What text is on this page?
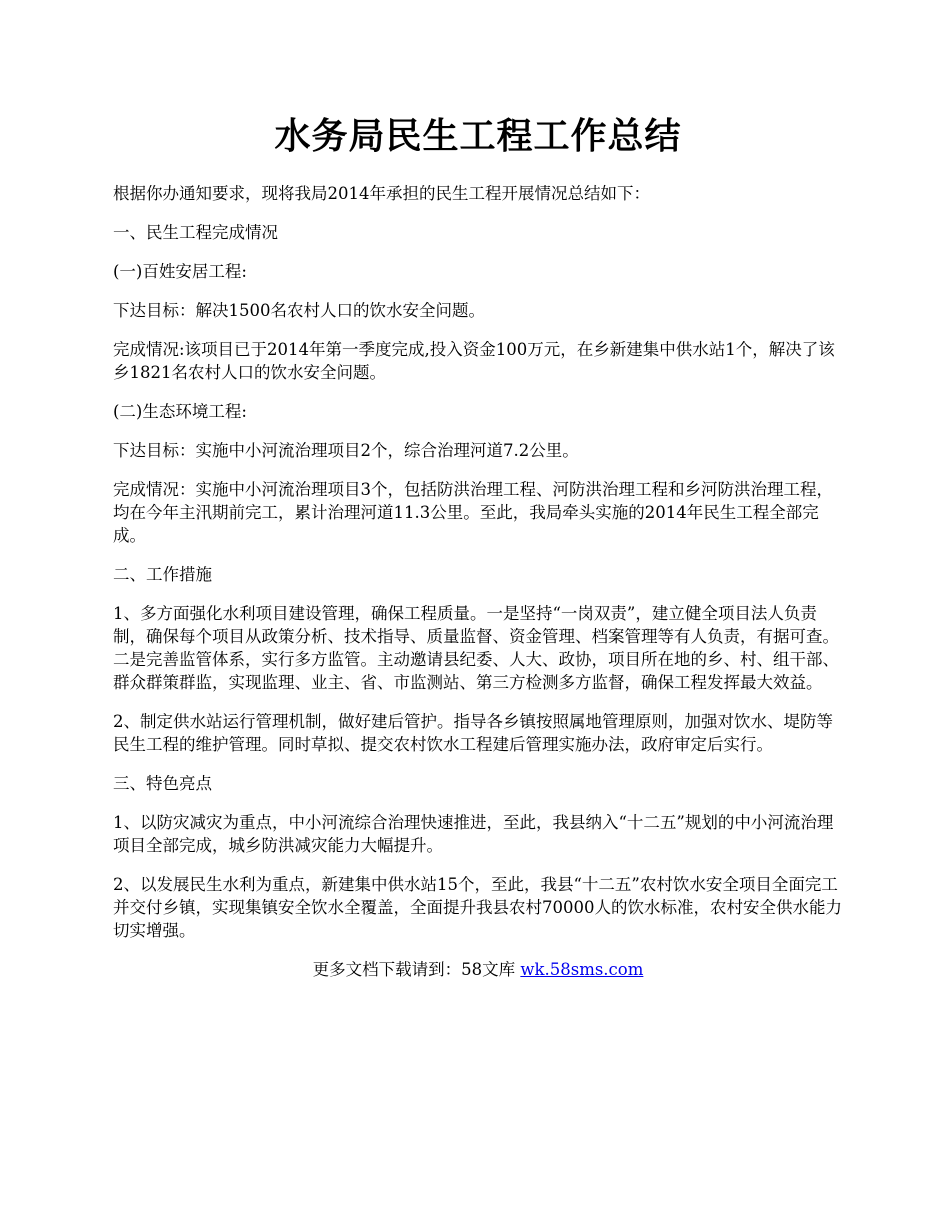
水务局民生工程工作总结

根据你办通知要求，现将我局2014年承担的民生工程开展情况总结如下：

一、民生工程完成情况

(一)百姓安居工程:

下达目标：解决1500名农村人口的饮水安全问题。

完成情况:该项目已于2014年第一季度完成,投入资金100万元，在乡新建集中供水站1个，解决了该乡1821名农村人口的饮水安全问题。

(二)生态环境工程:

下达目标：实施中小河流治理项目2个，综合治理河道7.2公里。

完成情况：实施中小河流治理项目3个，包括防洪治理工程、河防洪治理工程和乡河防洪治理工程，均在今年主汛期前完工，累计治理河道11.3公里。至此，我局牵头实施的2014年民生工程全部完成。

二、工作措施

1、多方面强化水利项目建设管理，确保工程质量。一是坚持“一岗双责”，建立健全项目法人负责制，确保每个项目从政策分析、技术指导、质量监督、资金管理、档案管理等有人负责，有据可查。二是完善监管体系，实行多方监管。主动邀请县纪委、人大、政协，项目所在地的乡、村、组干部、群众群策群监，实现监理、业主、省、市监测站、第三方检测多方监督，确保工程发挥最大效益。

2、制定供水站运行管理机制，做好建后管护。指导各乡镇按照属地管理原则，加强对饮水、堤防等民生工程的维护管理。同时草拟、提交农村饮水工程建后管理实施办法，政府审定后实行。

三、特色亮点

1、以防灾减灾为重点，中小河流综合治理快速推进，至此，我县纳入“十二五”规划的中小河流治理项目全部完成，城乡防洪减灾能力大幅提升。

2、以发展民生水利为重点，新建集中供水站15个，至此，我县“十二五”农村饮水安全项目全面完工并交付乡镇，实现集镇安全饮水全覆盖，全面提升我县农村70000人的饮水标准，农村安全供水能力切实增强。

更多文档下载请到：58文库 wk.58sms.com
